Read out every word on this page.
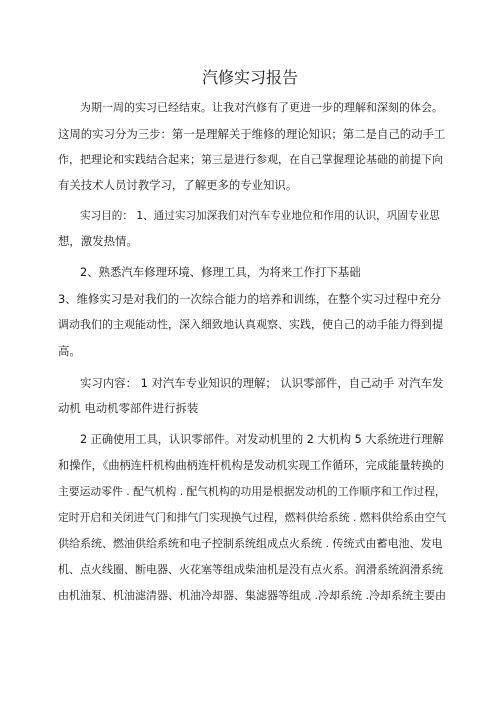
汽修实习报告
为期一周的实习已经结束。让我对汽修有了更进一步的理解和深刻的体会。
这周的实习分为三步：第一是理解关于维修的理论知识；第二是自己的动手工
作，把理论和实践结合起来；第三是进行参观，在自己掌握理论基础的前提下向
有关技术人员讨教学习，了解更多的专业知识。
实习目的： 1、通过实习加深我们对汽车专业地位和作用的认识，巩固专业思
想，激发热情。
2、熟悉汽车修理环境、修理工具，为将来工作打下基础
3、维修实习是对我们的一次综合能力的培养和训练，在整个实习过程中充分
调动我们的主观能动性，深入细致地认真观察、实践，使自己的动手能力得到提
高。
实习内容： 1 对汽车专业知识的理解； 认识零部件，自己动手 对汽车发
动机 电动机零部件进行拆装
2 正确使用工具，认识零部件。对发动机里的 2 大机构 5 大系统进行理解
和操作，《曲柄连杆机构曲柄连杆机构是发动机实现工作循环，完成能量转换的
主要运动零件 . 配气机构 . 配气机构的功用是根据发动机的工作顺序和工作过程，
定时开启和关闭进气门和排气门实现换气过程，燃料供给系统 . 燃料供给系由空气
供给系统、燃油供给系统和电子控制系统组成点火系统 . 传统式由蓄电池、发电
机、点火线圈、断电器、火花塞等组成柴油机是没有点火系。润滑系统润滑系统
由机油泵、机油滤清器、机油冷却器、集滤器等组成 .冷却系统 .冷却系统主要由
